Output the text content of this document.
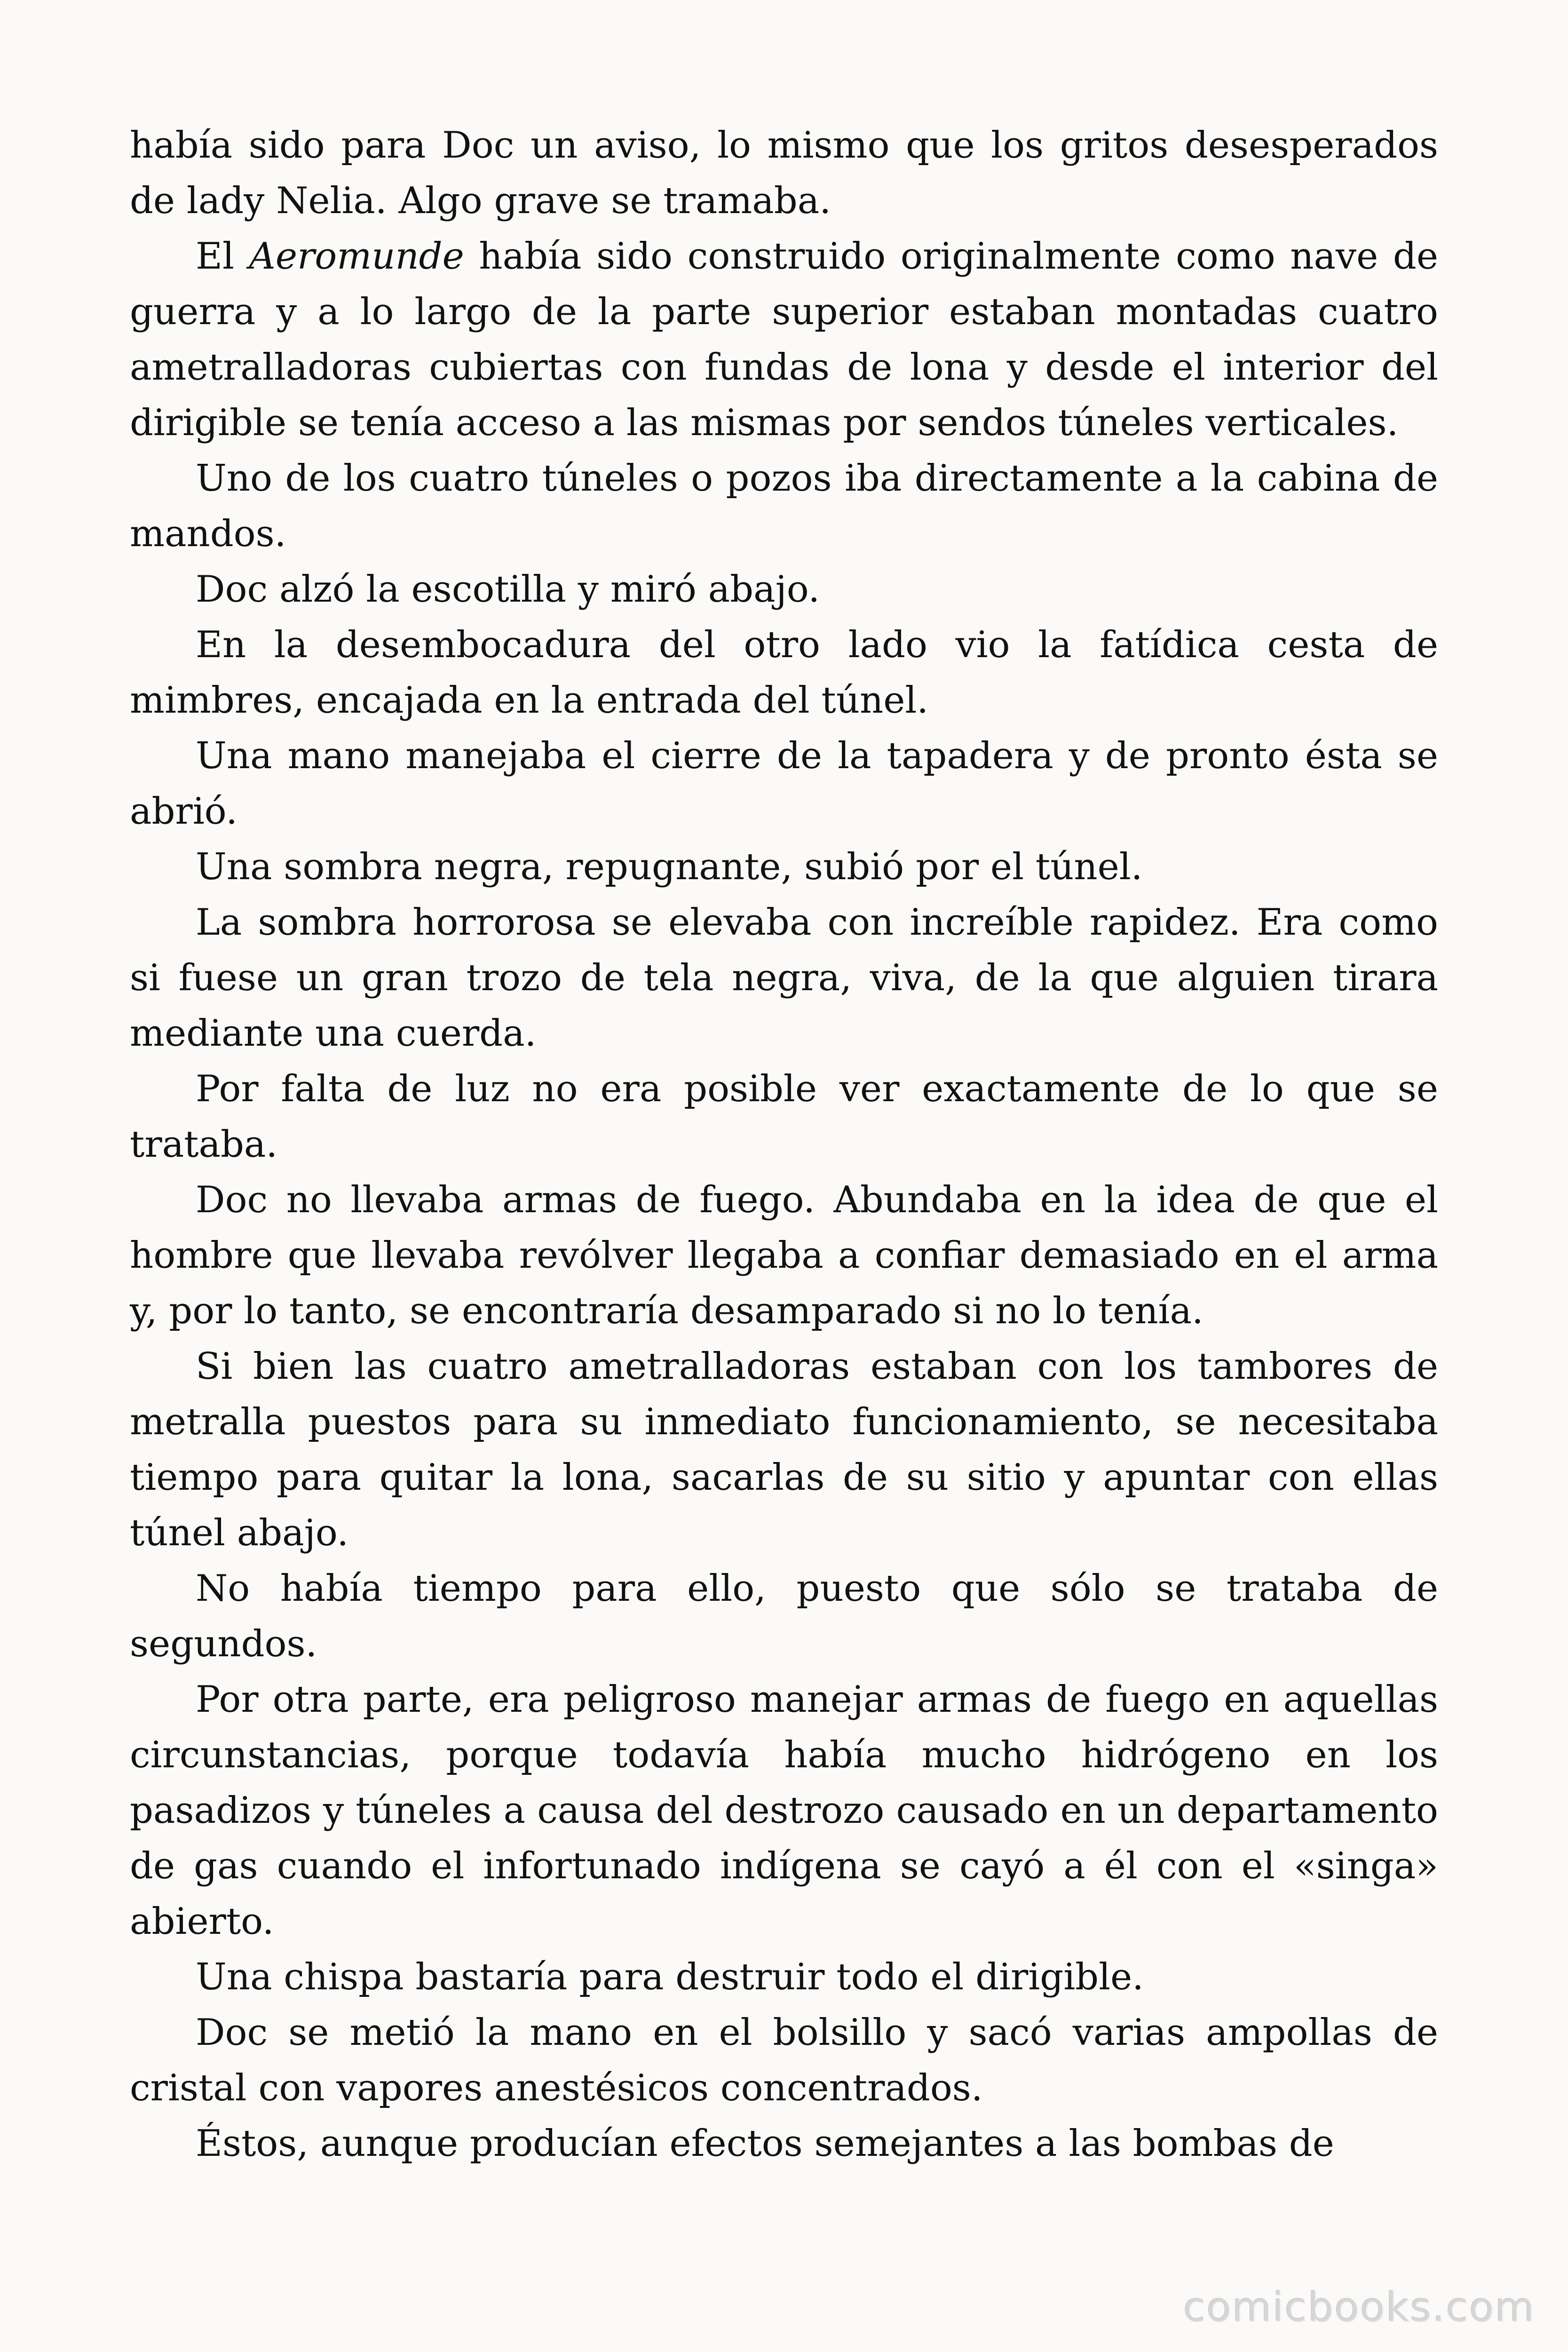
había sido para Doc un aviso, lo mismo que los gritos desesperados de lady Nelia. Algo grave se tramaba.

El Aeromunde había sido construido originalmente como nave de guerra y a lo largo de la parte superior estaban montadas cuatro ametralladoras cubiertas con fundas de lona y desde el interior del dirigible se tenía acceso a las mismas por sendos túneles verticales.

Uno de los cuatro túneles o pozos iba directamente a la cabina de mandos.

Doc alzó la escotilla y miró abajo.

En la desembocadura del otro lado vio la fatídica cesta de mimbres, encajada en la entrada del túnel.

Una mano manejaba el cierre de la tapadera y de pronto ésta se abrió.

Una sombra negra, repugnante, subió por el túnel.

La sombra horrorosa se elevaba con increíble rapidez. Era como si fuese un gran trozo de tela negra, viva, de la que alguien tirara mediante una cuerda.

Por falta de luz no era posible ver exactamente de lo que se trataba.

Doc no llevaba armas de fuego. Abundaba en la idea de que el hombre que llevaba revólver llegaba a confiar demasiado en el arma y, por lo tanto, se encontraría desamparado si no lo tenía.

Si bien las cuatro ametralladoras estaban con los tambores de metralla puestos para su inmediato funcionamiento, se necesitaba tiempo para quitar la lona, sacarlas de su sitio y apuntar con ellas túnel abajo.

No había tiempo para ello, puesto que sólo se trataba de segundos.

Por otra parte, era peligroso manejar armas de fuego en aquellas circunstancias, porque todavía había mucho hidrógeno en los pasadizos y túneles a causa del destrozo causado en un departamento de gas cuando el infortunado indígena se cayó a él con el «singa» abierto.

Una chispa bastaría para destruir todo el dirigible.

Doc se metió la mano en el bolsillo y sacó varias ampollas de cristal con vapores anestésicos concentrados.

Éstos, aunque producían efectos semejantes a las bombas de

comicbooks.com
